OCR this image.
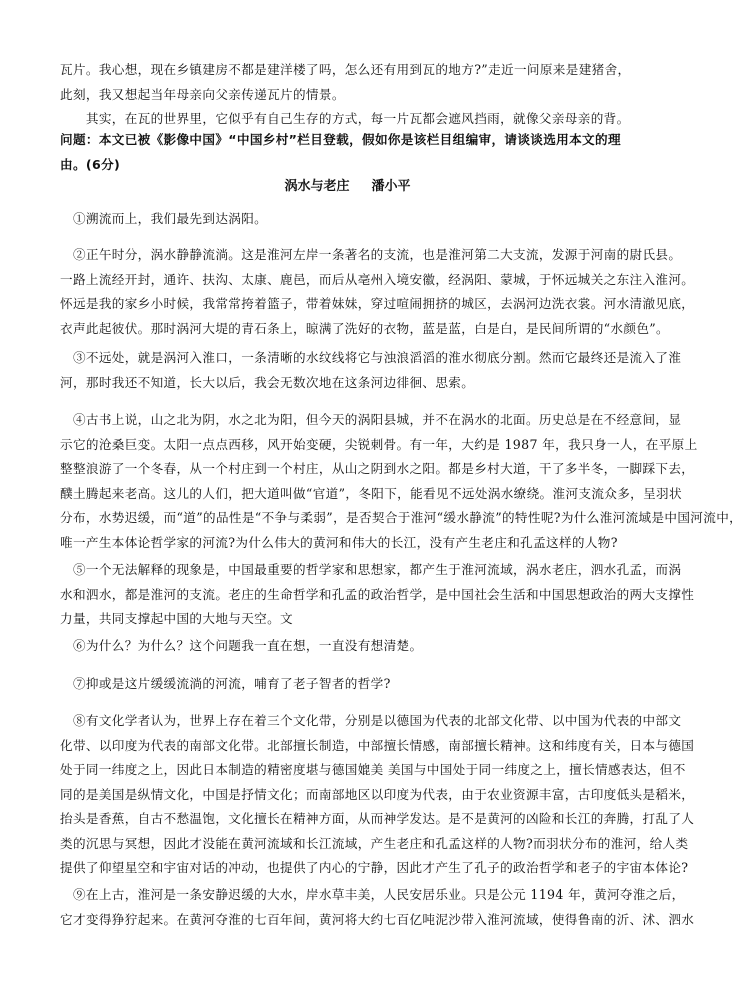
瓦片。我心想，现在乡镇建房不都是建洋楼了吗，怎么还有用到瓦的地方?”走近一问原来是建猪舍，
此刻，我又想起当年母亲向父亲传递瓦片的情景。
　　其实，在瓦的世界里，它似乎有自己生存的方式，每一片瓦都会遮风挡雨，就像父亲母亲的背。
问题：本文已被《影像中国》“中国乡村”栏目登载，假如你是该栏目组编审，请谈谈选用本文的理
由。(6分)
涡水与老庄 潘小平
　①溯流而上，我们最先到达涡阳。
　②正午时分，涡水静静流淌。这是淮河左岸一条著名的支流，也是淮河第二大支流，发源于河南的尉氏县。
一路上流经开封，通许、扶沟、太康、鹿邑，而后从亳州入境安徽，经涡阳、蒙城，于怀远城关之东注入淮河。
怀远是我的家乡小时候，我常常挎着篮子，带着妹妹，穿过喧闹拥挤的城区，去涡河边洗衣裳。河水清澈见底，
衣声此起彼伏。那时涡河大堤的青石条上，晾满了洗好的衣物，蓝是蓝，白是白，是民间所谓的“水颜色”。
　③不远处，就是涡河入淮口，一条清晰的水纹线将它与浊浪滔滔的淮水彻底分割。然而它最终还是流入了淮
河，那时我还不知道，长大以后，我会无数次地在这条河边徘徊、思索。
　④古书上说，山之北为阴，水之北为阳，但今天的涡阳县城，并不在涡水的北面。历史总是在不经意间，显
示它的沧桑巨变。太阳一点点西移，风开始变硬，尖锐刺骨。有一年，大约是 1987 年，我只身一人，在平原上
整整浪游了一个冬春，从一个村庄到一个村庄，从山之阴到水之阳。都是乡村大道，干了多半冬，一脚踩下去，
醭土腾起来老高。这儿的人们，把大道叫做“官道”，冬阳下，能看见不远处涡水缭绕。淮河支流众多，呈羽状
分布，水势迟缓，而“道”的品性是“不争与柔弱”，是否契合于淮河“缓水静流”的特性呢?为什么淮河流域是中国河流中，
唯一产生本体论哲学家的河流?为什么伟大的黄河和伟大的长江，没有产生老庄和孔孟这样的人物?
　⑤一个无法解释的现象是，中国最重要的哲学家和思想家，都产生于淮河流域，涡水老庄，泗水孔孟，而涡
水和泗水，都是淮河的支流。老庄的生命哲学和孔孟的政治哲学，是中国社会生活和中国思想政治的两大支撑性
力量，共同支撑起中国的大地与天空。文
　⑥为什么？为什么？这个问题我一直在想，一直没有想清楚。
　⑦抑或是这片缓缓流淌的河流，哺育了老子智者的哲学?
　⑧有文化学者认为，世界上存在着三个文化带，分别是以德国为代表的北部文化带、以中国为代表的中部文
化带、以印度为代表的南部文化带。北部擅长制造，中部擅长情感，南部擅长精神。这和纬度有关，日本与德国
处于同一纬度之上，因此日本制造的精密度堪与德国媲美 美国与中国处于同一纬度之上，擅长情感表达，但不
同的是美国是纵情文化，中国是抒情文化；而南部地区以印度为代表，由于农业资源丰富，古印度低头是稻米，
抬头是香蕉，自古不愁温饱，文化擅长在精神方面，从而神学发达。是不是黄河的凶险和长江的奔腾，打乱了人
类的沉思与冥想，因此才没能在黄河流域和长江流域，产生老庄和孔孟这样的人物?而羽状分布的淮河，给人类
提供了仰望星空和宇宙对话的冲动，也提供了内心的宁静，因此才产生了孔子的政治哲学和老子的宇宙本体论?
　⑨在上古，淮河是一条安静迟缓的大水，岸水草丰美，人民安居乐业。只是公元 1194 年，黄河夺淮之后，
它才变得狰狞起来。在黄河夺淮的七百年间，黄河将大约七百亿吨泥沙带入淮河流域，使得鲁南的沂、沭、泗水
